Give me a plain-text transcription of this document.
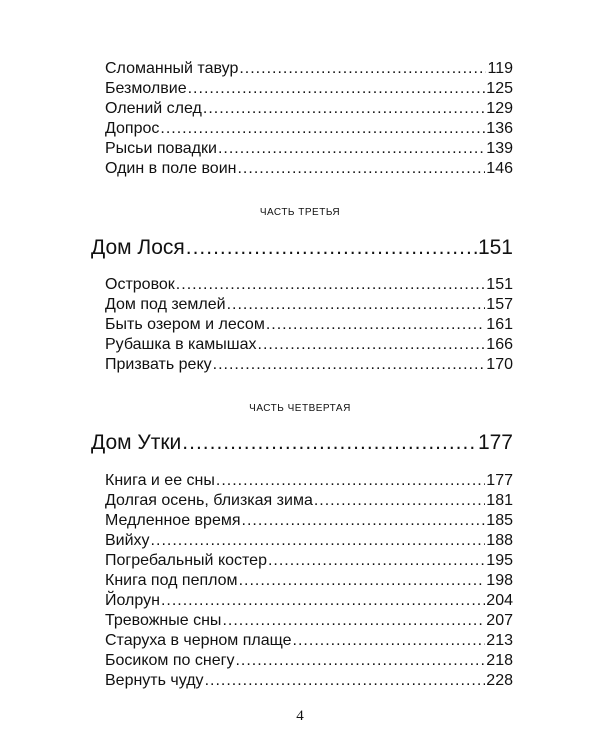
Сломанный тавур .....	119
Безмолвие .....	125
Олений след .....	129
Допрос .....	136
Рысьи повадки .....	139
Один в поле воин .....	146
ЧАСТЬ ТРЕТЬЯ
Дом Лося .....	151
Островок .....	151
Дом под землей .....	157
Быть озером и лесом .....	161
Рубашка в камышах .....	166
Призвать реку .....	170
ЧАСТЬ ЧЕТВЕРТАЯ
Дом Утки .....	177
Книга и ее сны .....	177
Долгая осень, близкая зима .....	181
Медленное время .....	185
Вийху .....	188
Погребальный костер .....	195
Книга под пеплом .....	198
Йолрун .....	204
Тревожные сны .....	207
Старуха в черном плаще .....	213
Босиком по снегу .....	218
Вернуть чуду .....	228
4
